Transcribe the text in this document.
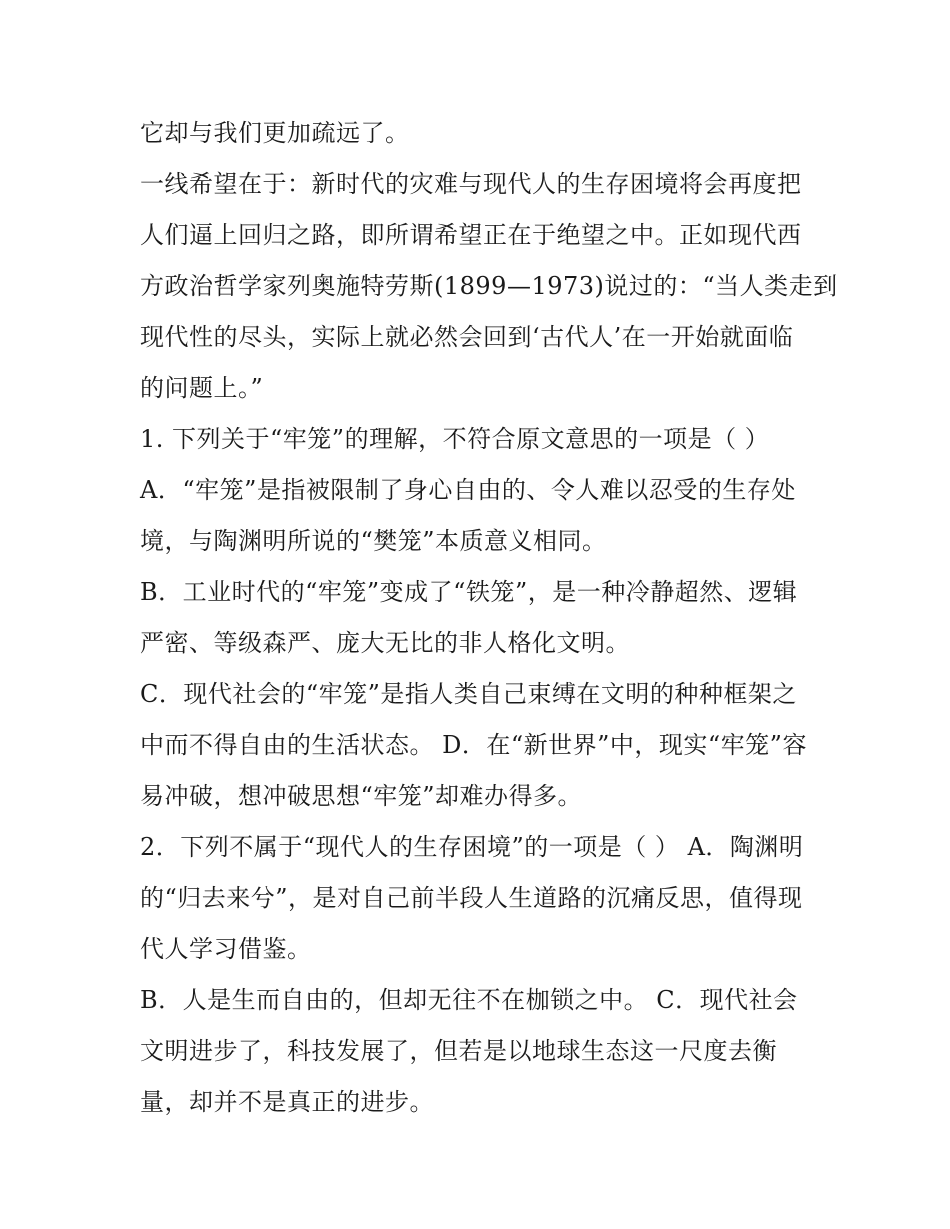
它却与我们更加疏远了。
一线希望在于：新时代的灾难与现代人的生存困境将会再度把
人们逼上回归之路，即所谓希望正在于绝望之中。正如现代西
方政治哲学家列奥施特劳斯(1899—1973)说过的：“当人类走到
现代性的尽头，实际上就必然会回到‘古代人’在一开始就面临
的问题上。”
1. 下列关于“牢笼”的理解，不符合原文意思的一项是（ ）
A．“牢笼”是指被限制了身心自由的、令人难以忍受的生存处
境，与陶渊明所说的“樊笼”本质意义相同。
B．工业时代的“牢笼”变成了“铁笼”，是一种冷静超然、逻辑
严密、等级森严、庞大无比的非人格化文明。
C．现代社会的“牢笼”是指人类自己束缚在文明的种种框架之
中而不得自由的生活状态。 D．在“新世界”中，现实“牢笼”容
易冲破，想冲破思想“牢笼”却难办得多。
2．下列不属于“现代人的生存困境”的一项是（ ） A．陶渊明
的“归去来兮”，是对自己前半段人生道路的沉痛反思，值得现
代人学习借鉴。
B．人是生而自由的，但却无往不在枷锁之中。 C．现代社会
文明进步了，科技发展了，但若是以地球生态这一尺度去衡
量，却并不是真正的进步。
